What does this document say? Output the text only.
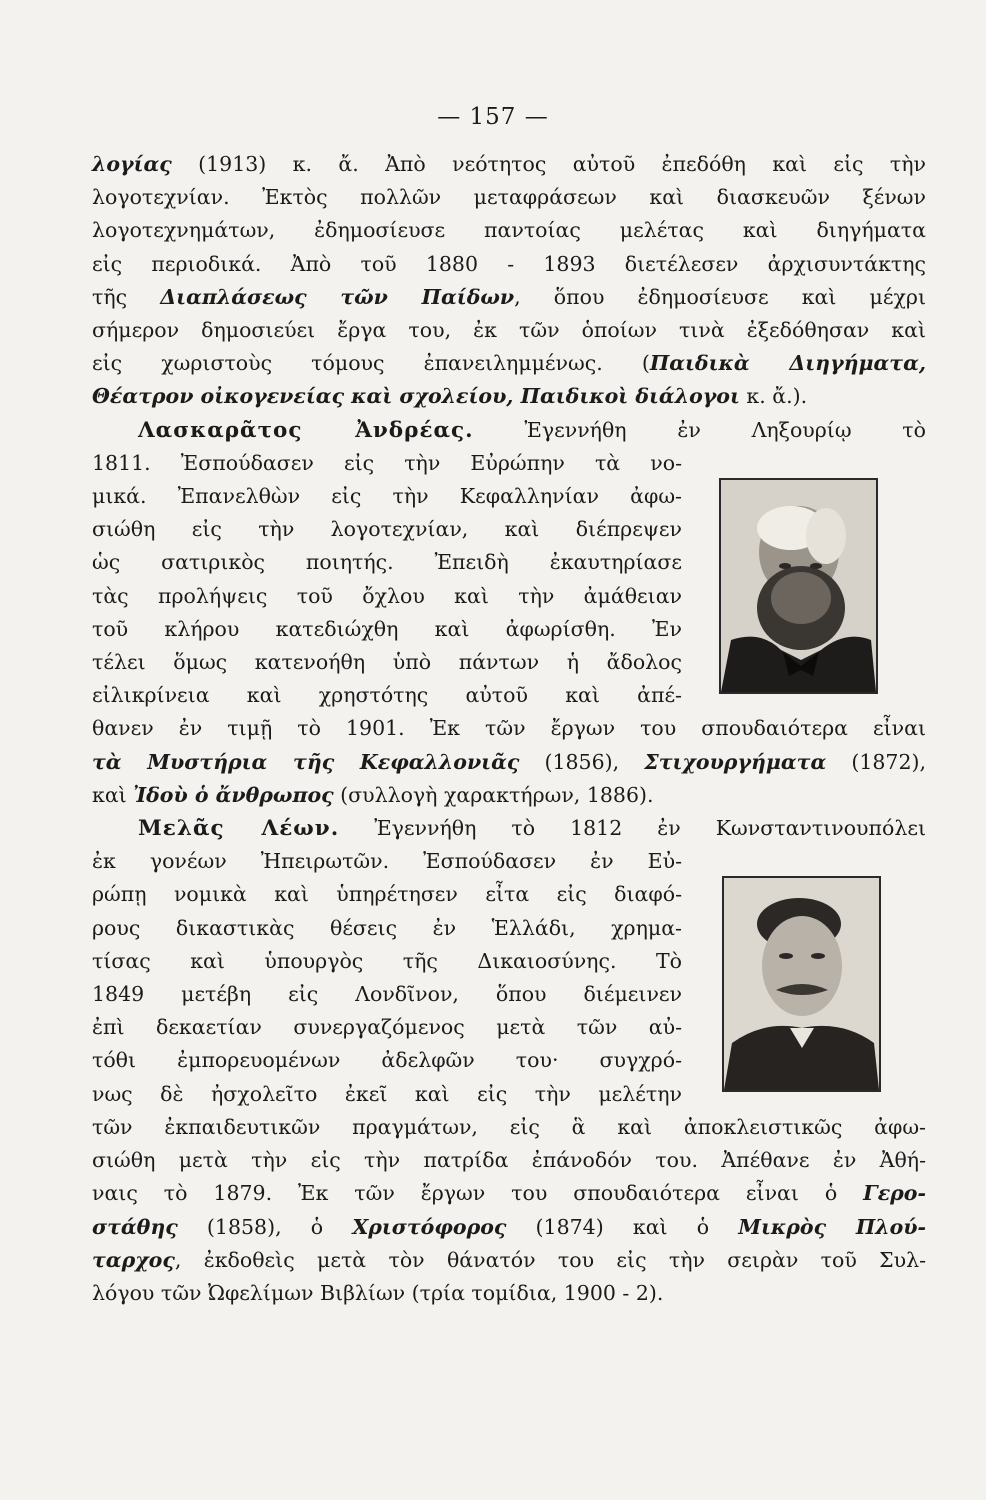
— 157 —
λογίας (1913) κ. ἄ. Ἀπὸ νεότητος αὐτοῦ ἐπεδόθη καὶ εἰς τὴν
λογοτεχνίαν. Ἐκτὸς πολλῶν μεταφράσεων καὶ διασκευῶν ξένων
λογοτεχνημάτων, ἐδημοσίευσε παντοίας μελέτας καὶ διηγήματα
εἰς περιοδικά. Ἀπὸ τοῦ 1880 - 1893 διετέλεσεν ἀρχισυντάκτης
τῆς Διαπλάσεως τῶν Παίδων, ὅπου ἐδημοσίευσε καὶ μέχρι
σήμερον δημοσιεύει ἔργα του, ἐκ τῶν ὁποίων τινὰ ἐξεδόθησαν καὶ
εἰς χωριστοὺς τόμους ἐπανειλημμένως. (Παιδικὰ Διηγήματα,
Θέατρον οἰκογενείας καὶ σχολείου, Παιδικοὶ διάλογοι κ. ἄ.).
Λασκαρᾶτος Ἀνδρέας. Ἐγεννήθη ἐν Ληξουρίῳ τὸ
1811. Ἐσπούδασεν εἰς τὴν Εὐρώπην τὰ νο-
μικά. Ἐπανελθὼν εἰς τὴν Κεφαλληνίαν ἀφω-
σιώθη εἰς τὴν λογοτεχνίαν, καὶ διέπρεψεν
ὡς σατιρικὸς ποιητής. Ἐπειδὴ ἐκαυτηρίασε
τὰς προλήψεις τοῦ ὄχλου καὶ τὴν ἀμάθειαν
τοῦ κλήρου κατεδιώχθη καὶ ἀφωρίσθη. Ἐν
τέλει ὅμως κατενοήθη ὑπὸ πάντων ἡ ἄδολος
εἰλικρίνεια καὶ χρηστότης αὐτοῦ καὶ ἀπέ-
θανεν ἐν τιμῇ τὸ 1901. Ἐκ τῶν ἔργων του σπουδαιότερα εἶναι
τὰ Μυστήρια τῆς Κεφαλλονιᾶς (1856), Στιχουργήματα (1872),
καὶ Ἰδοὺ ὁ ἄνθρωπος (συλλογὴ χαρακτήρων, 1886).
Μελᾶς Λέων. Ἐγεννήθη τὸ 1812 ἐν Κωνσταντινουπόλει
ἐκ γονέων Ἠπειρωτῶν. Ἐσπούδασεν ἐν Εὐ-
ρώπῃ νομικὰ καὶ ὑπηρέτησεν εἶτα εἰς διαφό-
ρους δικαστικὰς θέσεις ἐν Ἑλλάδι, χρημα-
τίσας καὶ ὑπουργὸς τῆς Δικαιοσύνης. Τὸ
1849 μετέβη εἰς Λονδῖνον, ὅπου διέμεινεν
ἐπὶ δεκαετίαν συνεργαζόμενος μετὰ τῶν αὐ-
τόθι ἐμπορευομένων ἀδελφῶν του· συγχρό-
νως δὲ ἠσχολεῖτο ἐκεῖ καὶ εἰς τὴν μελέτην
τῶν ἐκπαιδευτικῶν πραγμάτων, εἰς ἃ καὶ ἀποκλειστικῶς ἀφω-
σιώθη μετὰ τὴν εἰς τὴν πατρίδα ἐπάνοδόν του. Ἀπέθανε ἐν Ἀθή-
ναις τὸ 1879. Ἐκ τῶν ἔργων του σπουδαιότερα εἶναι ὁ Γερο-
στάθης (1858), ὁ Χριστόφορος (1874) καὶ ὁ Μικρὸς Πλού-
ταρχος, ἐκδοθεὶς μετὰ τὸν θάνατόν του εἰς τὴν σειρὰν τοῦ Συλ-
λόγου τῶν Ὠφελίμων Βιβλίων (τρία τομίδια, 1900 - 2).
